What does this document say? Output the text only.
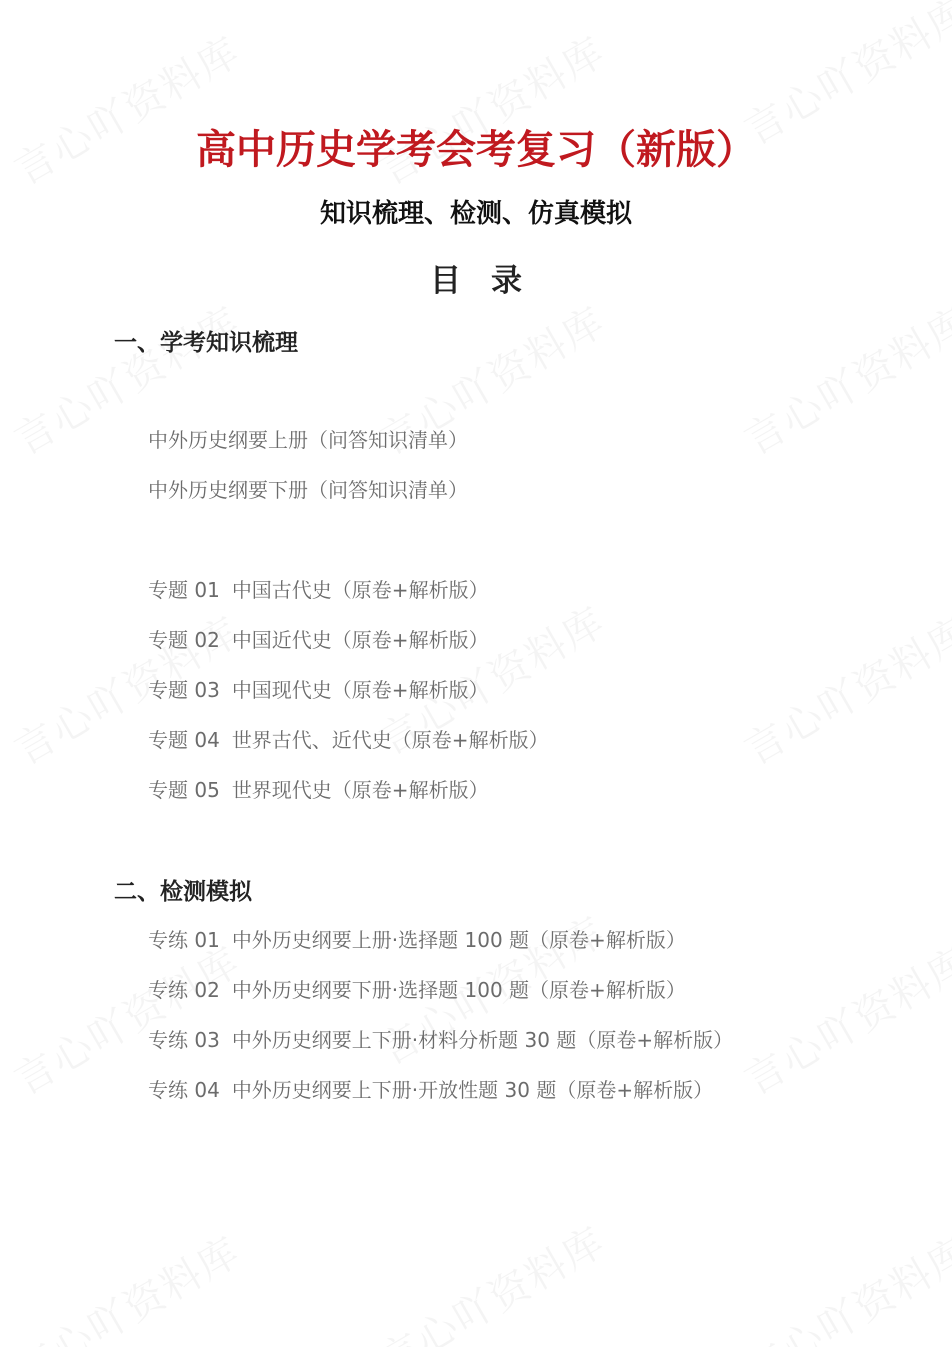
高中历史学考会考复习（新版）
知识梳理、检测、仿真模拟
目录
一、学考知识梳理
中外历史纲要上册（问答知识清单）
中外历史纲要下册（问答知识清单）
专题 01 中国古代史（原卷+解析版）
专题 02 中国近代史（原卷+解析版）
专题 03 中国现代史（原卷+解析版）
专题 04 世界古代、近代史（原卷+解析版）
专题 05 世界现代史（原卷+解析版）
二、检测模拟
专练 01 中外历史纲要上册·选择题 100 题（原卷+解析版）
专练 02 中外历史纲要下册·选择题 100 题（原卷+解析版）
专练 03 中外历史纲要上下册·材料分析题 30 题（原卷+解析版）
专练 04 中外历史纲要上下册·开放性题 30 题（原卷+解析版）
